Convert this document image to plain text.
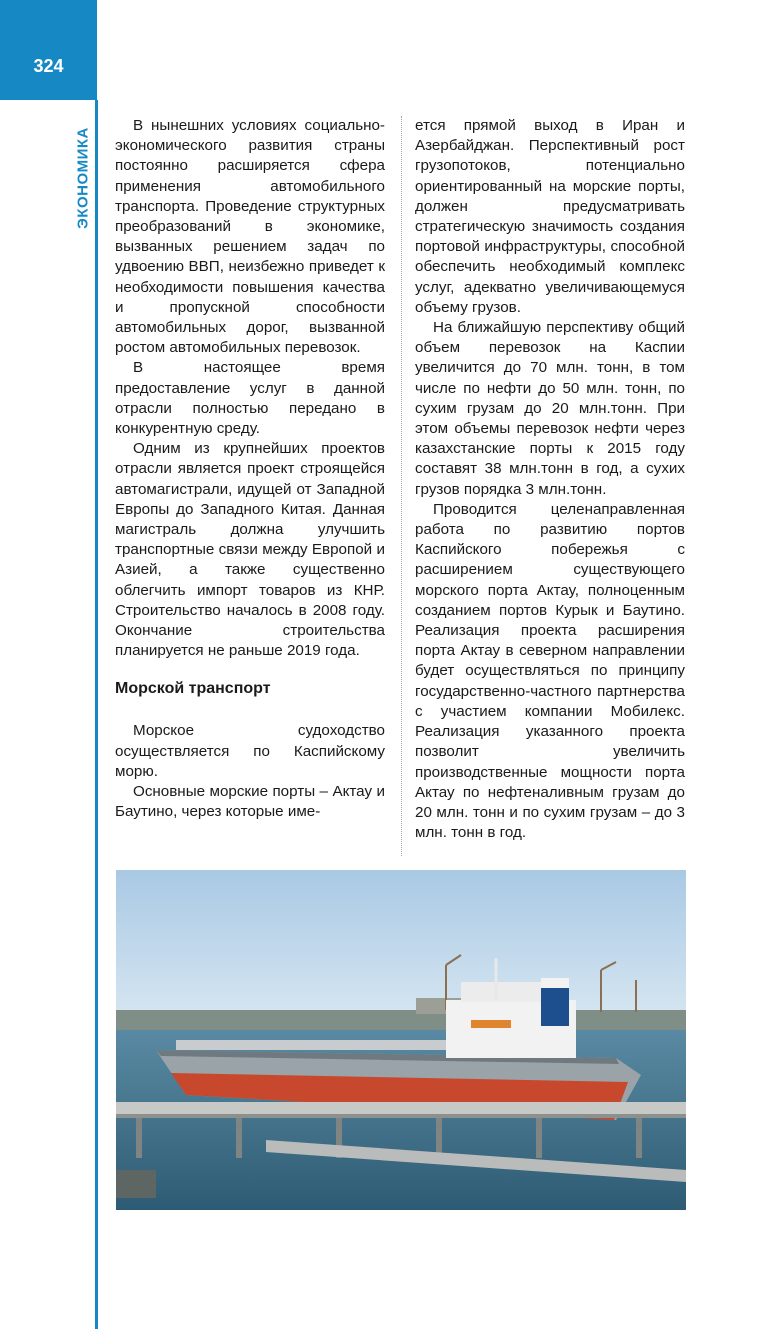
324
ЭКОНОМИКА

В нынешних условиях социально-экономического развития страны постоянно расширяется сфера применения автомобильного транспорта. Проведение структурных преобразований в экономике, вызванных решением задач по удвоению ВВП, неизбежно приведет к необходимости повышения качества и пропускной способности автомобильных дорог, вызванной ростом автомобильных перевозок.

В настоящее время предоставление услуг в данной отрасли полностью передано в конкурентную среду.

Одним из крупнейших проектов отрасли является проект строящейся автомагистрали, идущей от Западной Европы до Западного Китая. Данная магистраль должна улучшить транспортные связи между Европой и Азией, а также существенно облегчить импорт товаров из КНР. Строительство началось в 2008 году. Окончание строительства планируется не раньше 2019 года.

Морской транспорт

Морское судоходство осуществляется по Каспийскому морю.

Основные морские порты – Актау и Баутино, через которые име-

ется прямой выход в Иран и Азербайджан. Перспективный рост грузопотоков, потенциально ориентированный на морские порты, должен предусматривать стратегическую значимость создания портовой инфраструктуры, способной обеспечить необходимый комплекс услуг, адекватно увеличивающемуся объему грузов.

На ближайшую перспективу общий объем перевозок на Каспии увеличится до 70 млн. тонн, в том числе по нефти до 50 млн. тонн, по сухим грузам до 20 млн.тонн. При этом объемы перевозок нефти через казахстанские порты к 2015 году составят 38 млн.тонн в год, а сухих грузов порядка 3 млн.тонн.

Проводится целенаправленная работа по развитию портов Каспийского побережья с расширением существующего морского порта Актау, полноценным созданием портов Курык и Баутино. Реализация проекта расширения порта Актау в северном направлении будет осуществляться по принципу государственно-частного партнерства с участием компании Мобилекс. Реализация указанного проекта позволит увеличить производственные мощности порта Актау по нефтеналивным грузам до 20 млн. тонн и по сухим грузам – до 3 млн. тонн в год.
